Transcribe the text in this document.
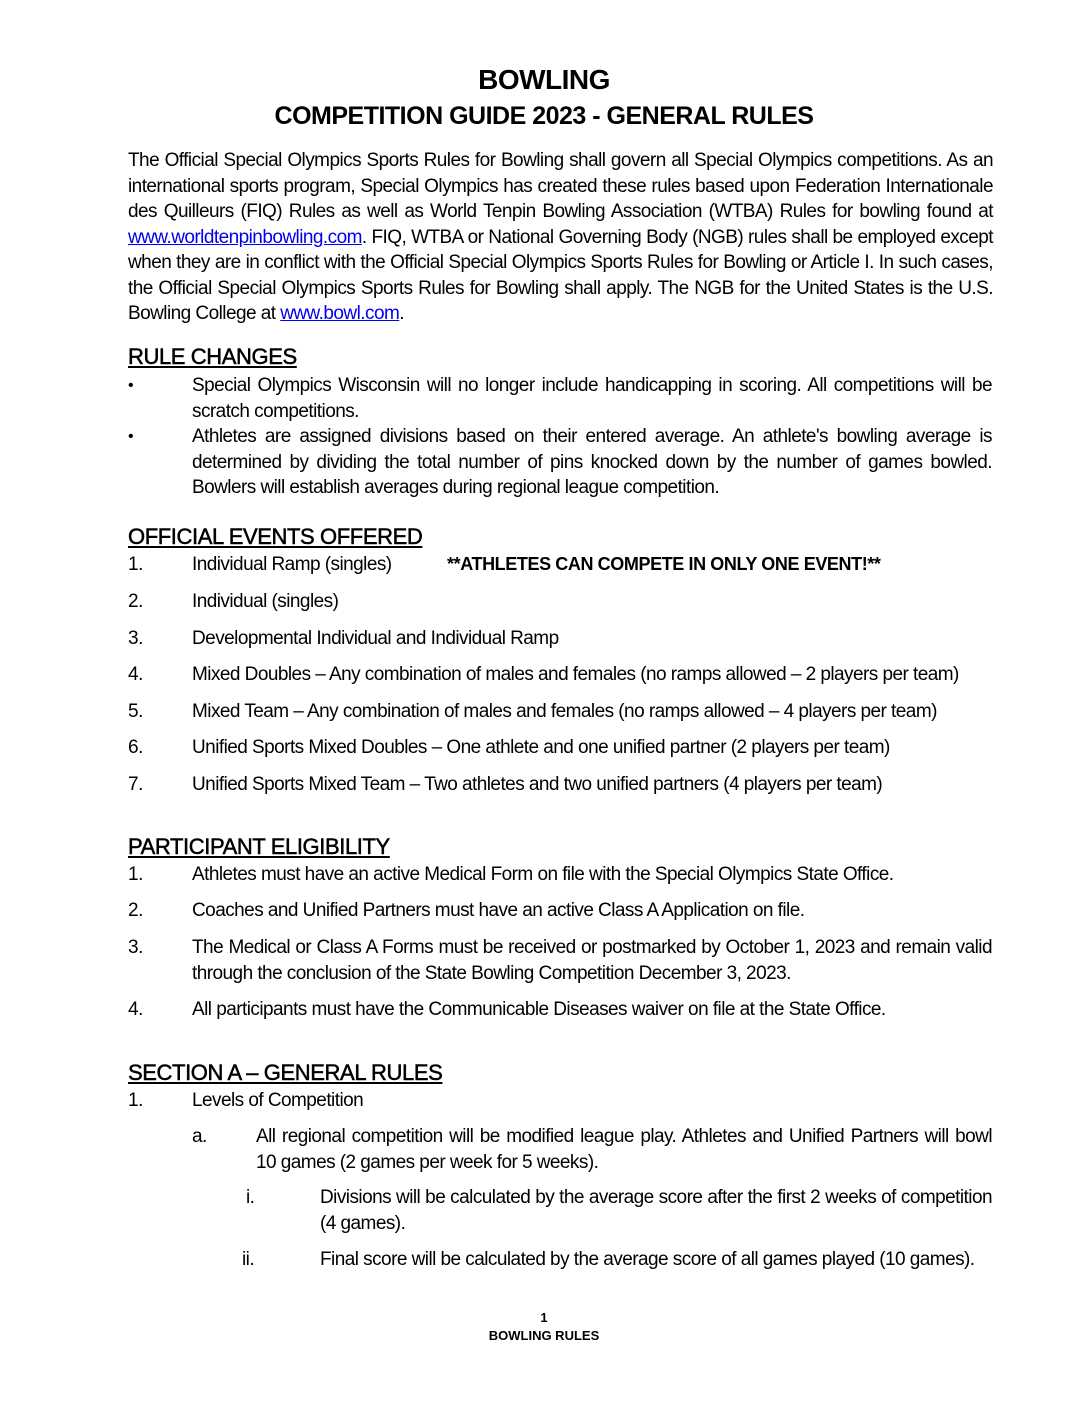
BOWLING
COMPETITION GUIDE 2023 - GENERAL RULES
The Official Special Olympics Sports Rules for Bowling shall govern all Special Olympics competitions. As an international sports program, Special Olympics has created these rules based upon Federation Internationale des Quilleurs (FIQ) Rules as well as World Tenpin Bowling Association (WTBA) Rules for bowling found at www.worldtenpinbowling.com. FIQ, WTBA or National Governing Body (NGB) rules shall be employed except when they are in conflict with the Official Special Olympics Sports Rules for Bowling or Article I. In such cases, the Official Special Olympics Sports Rules for Bowling shall apply. The NGB for the United States is the U.S. Bowling College at www.bowl.com.
RULE CHANGES
•	Special Olympics Wisconsin will no longer include handicapping in scoring. All competitions will be scratch competitions.
•	Athletes are assigned divisions based on their entered average. An athlete's bowling average is determined by dividing the total number of pins knocked down by the number of games bowled. Bowlers will establish averages during regional league competition.
OFFICIAL EVENTS OFFERED
1.	Individual Ramp (singles)	**ATHLETES CAN COMPETE IN ONLY ONE EVENT!**
2.	Individual (singles)
3.	Developmental Individual and Individual Ramp
4.	Mixed Doubles – Any combination of males and females (no ramps allowed – 2 players per team)
5.	Mixed Team – Any combination of males and females (no ramps allowed – 4 players per team)
6.	Unified Sports Mixed Doubles – One athlete and one unified partner (2 players per team)
7.	Unified Sports Mixed Team – Two athletes and two unified partners (4 players per team)
PARTICIPANT ELIGIBILITY
1.	Athletes must have an active Medical Form on file with the Special Olympics State Office.
2.	Coaches and Unified Partners must have an active Class A Application on file.
3.	The Medical or Class A Forms must be received or postmarked by October 1, 2023 and remain valid through the conclusion of the State Bowling Competition December 3, 2023.
4.	All participants must have the Communicable Diseases waiver on file at the State Office.
SECTION A – GENERAL RULES
1.	Levels of Competition
a.	All regional competition will be modified league play. Athletes and Unified Partners will bowl 10 games (2 games per week for 5 weeks).
i.	Divisions will be calculated by the average score after the first 2 weeks of competition (4 games).
ii.	Final score will be calculated by the average score of all games played (10 games).
1
BOWLING RULES
